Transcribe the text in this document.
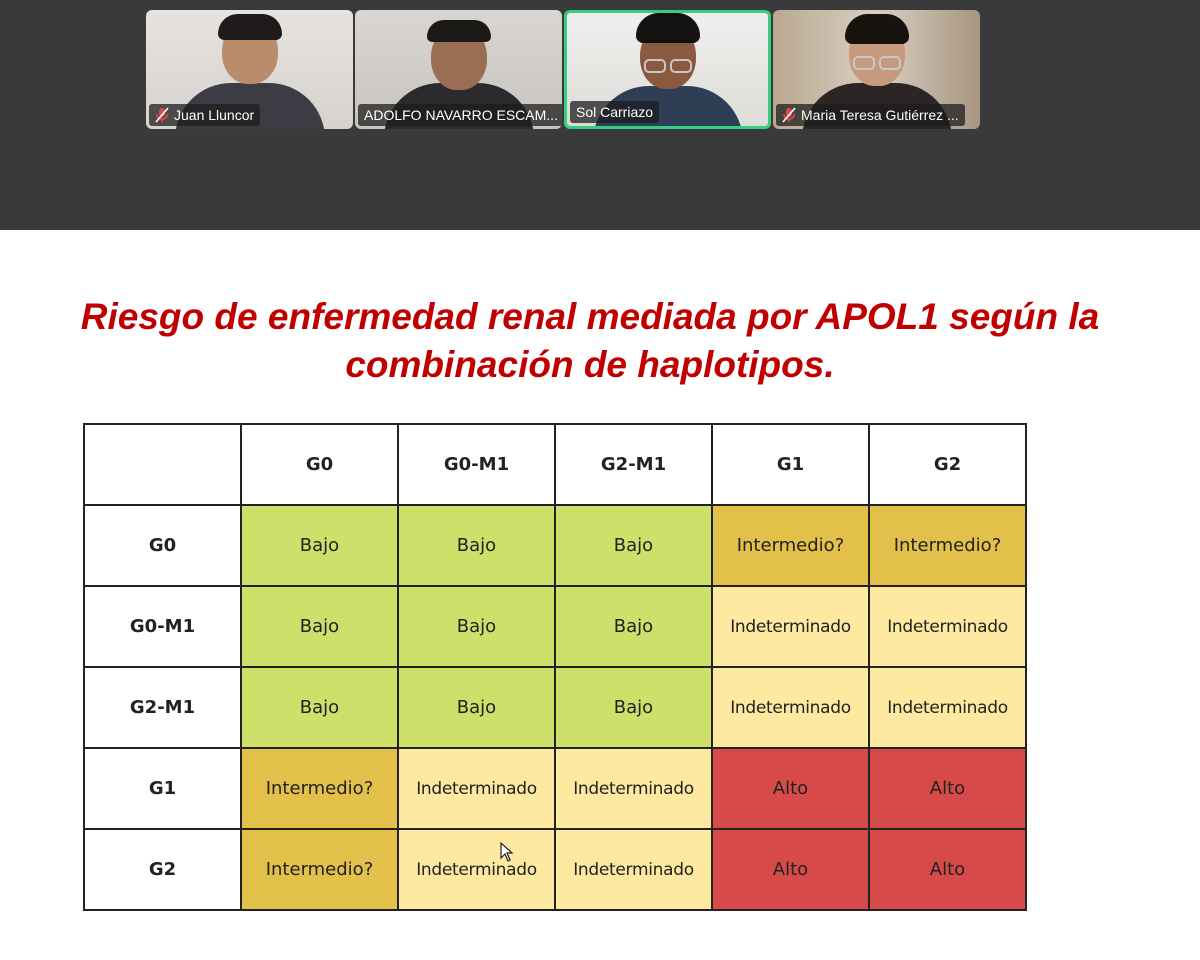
Juan Lluncor	ADOLFO NAVARRO ESCAM... Sol Carriazo	Maria Teresa Gutiérrez ...
Riesgo de enfermedad renal mediada por APOL1 según la
combinación de haplotipos.
	G0	G0-M1	G2-M1	G1	G2
G0	Bajo	Bajo	Bajo	Intermedio?	Intermedio?
G0-M1	Bajo	Bajo	Bajo	Indeterminado	Indeterminado
G2-M1	Bajo	Bajo	Bajo	Indeterminado	Indeterminado
G1	Intermedio?	Indeterminado	Indeterminado	Alto	Alto
G2	Intermedio?	Indeterminado	Indeterminado	Alto	Alto
